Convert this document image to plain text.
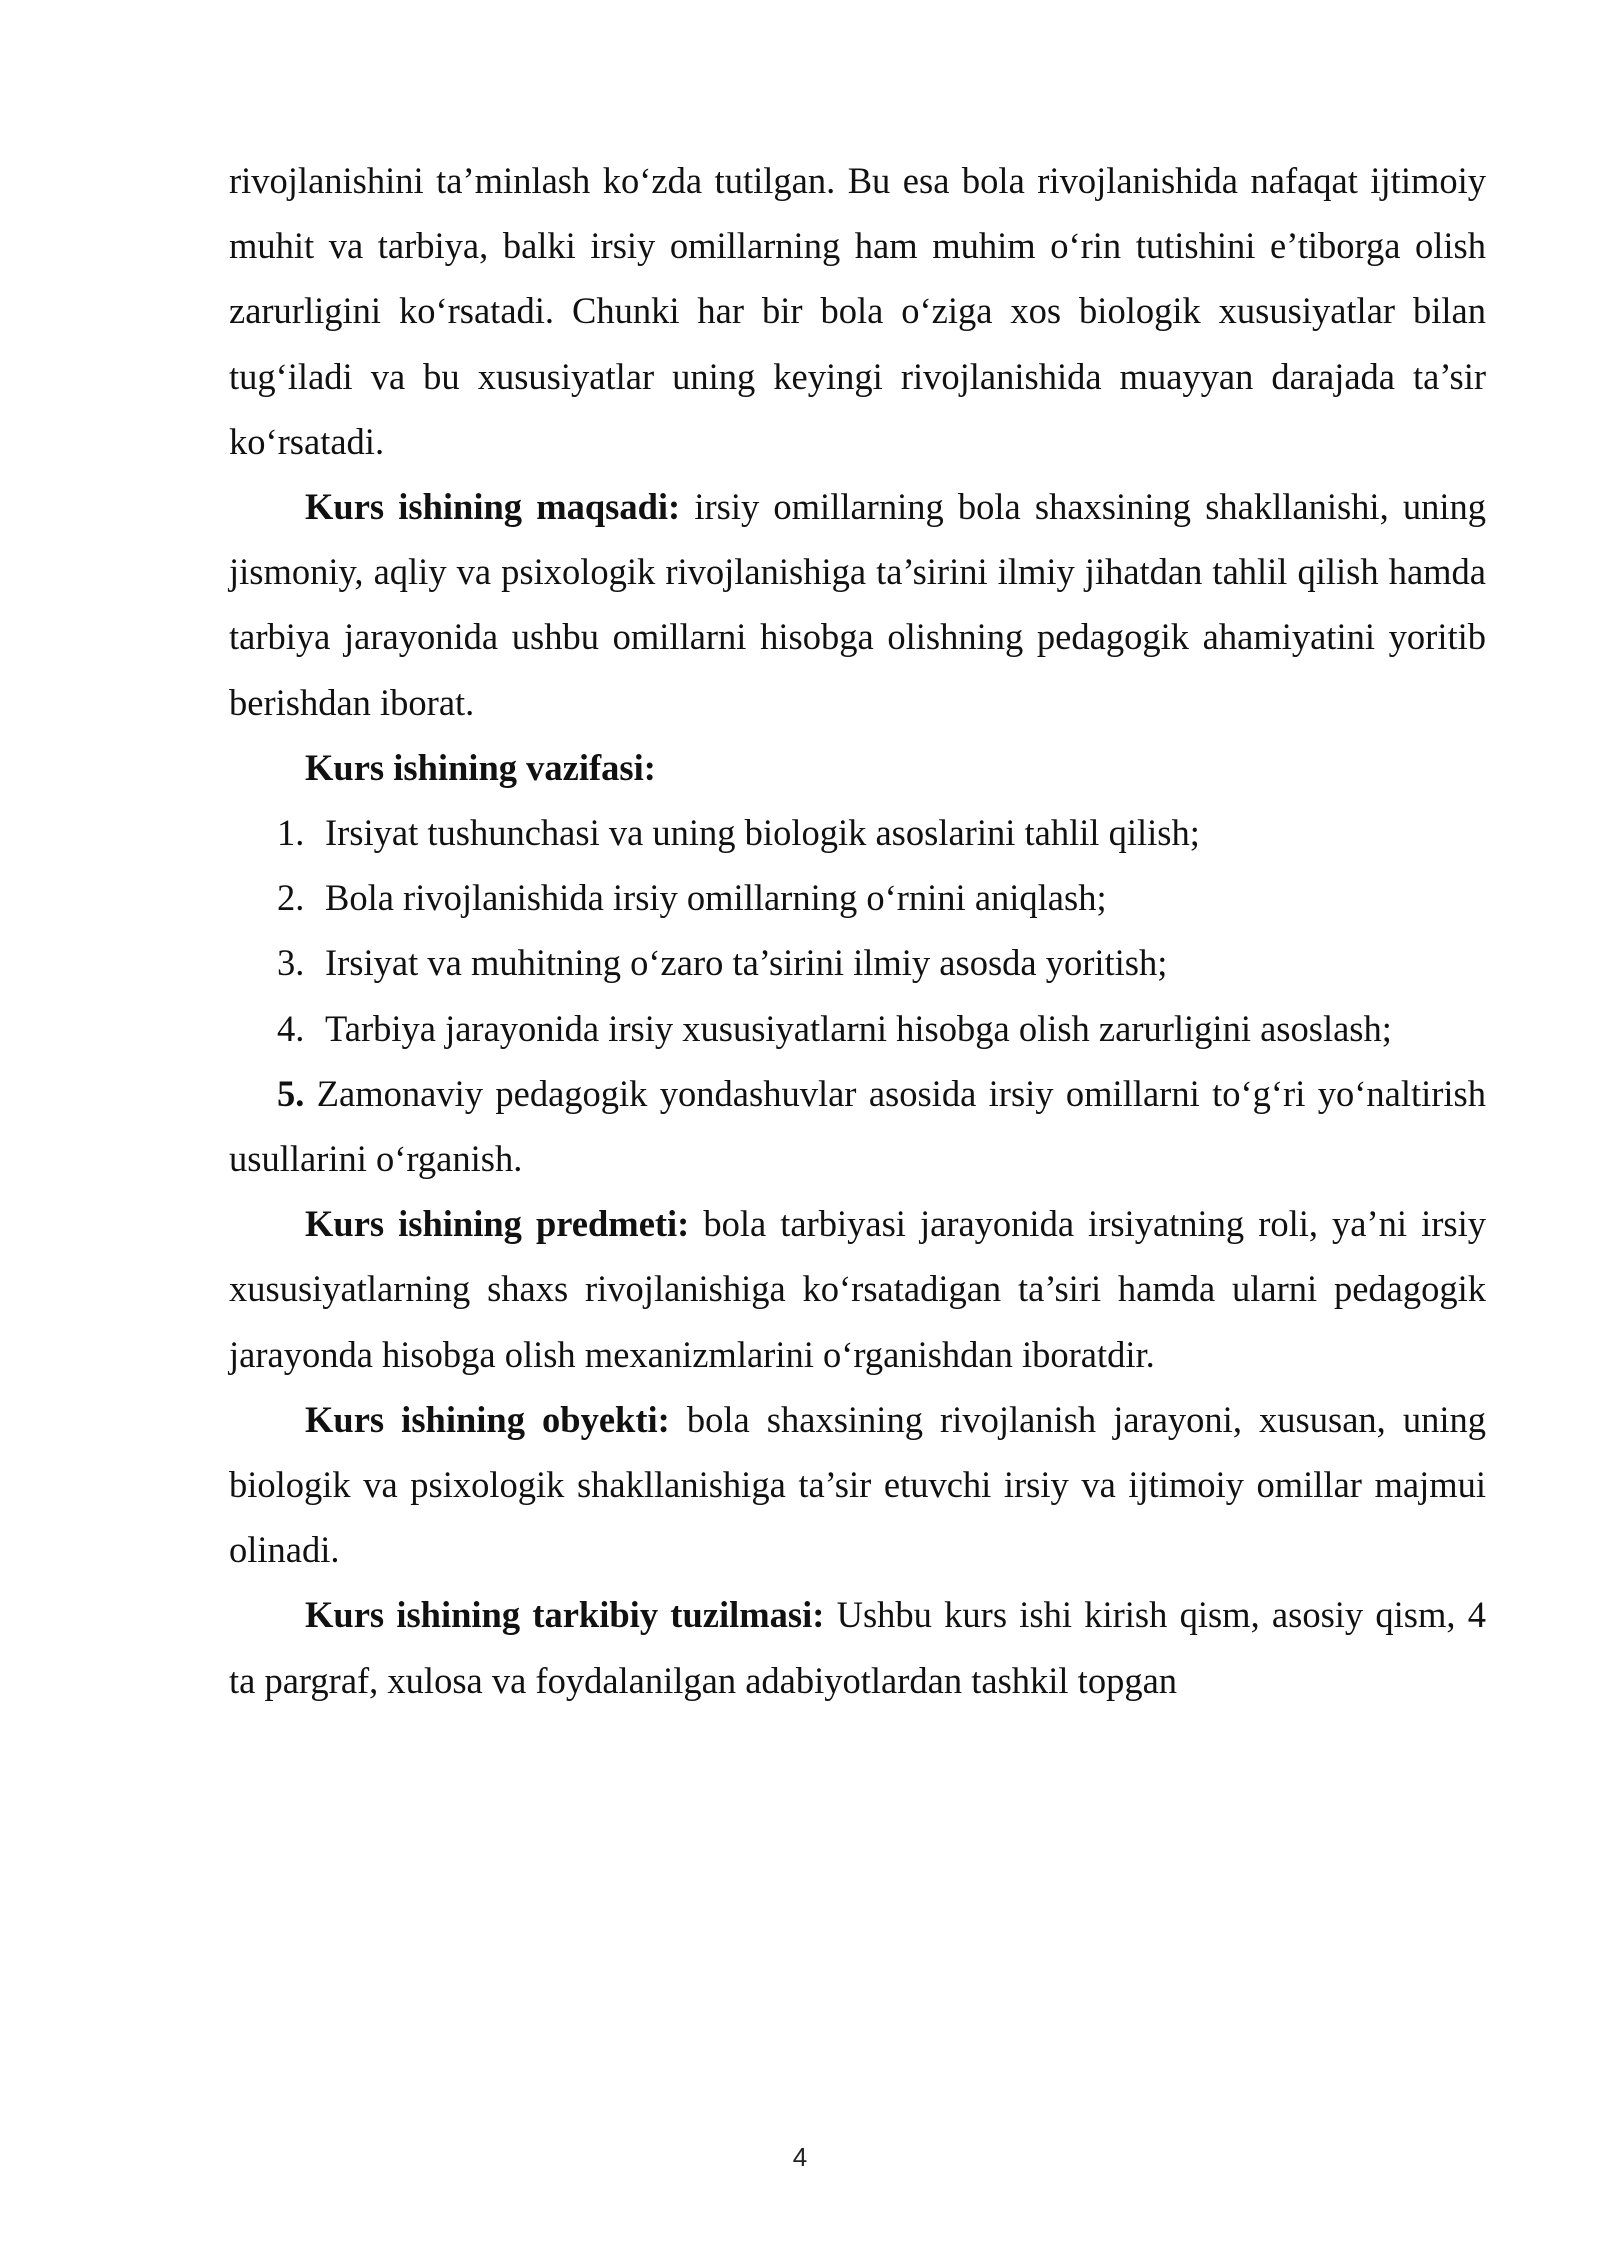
rivojlanishini ta’minlash ko‘zda tutilgan. Bu esa bola rivojlanishida nafaqat ijtimoiy muhit va tarbiya, balki irsiy omillarning ham muhim o‘rin tutishini e’tiborga olish zarurligini ko‘rsatadi. Chunki har bir bola o‘ziga xos biologik xususiyatlar bilan tug‘iladi va bu xususiyatlar uning keyingi rivojlanishida muayyan darajada ta’sir ko‘rsatadi.

Kurs ishining maqsadi: irsiy omillarning bola shaxsining shakllanishi, uning jismoniy, aqliy va psixologik rivojlanishiga ta’sirini ilmiy jihatdan tahlil qilish hamda tarbiya jarayonida ushbu omillarni hisobga olishning pedagogik ahamiyatini yoritib berishdan iborat.

Kurs ishining vazifasi:

1. Irsiyat tushunchasi va uning biologik asoslarini tahlil qilish;
2. Bola rivojlanishida irsiy omillarning o‘rnini aniqlash;
3. Irsiyat va muhitning o‘zaro ta’sirini ilmiy asosda yoritish;
4. Tarbiya jarayonida irsiy xususiyatlarni hisobga olish zarurligini asoslash;

5. Zamonaviy pedagogik yondashuvlar asosida irsiy omillarni to‘g‘ri yo‘naltirish usullarini o‘rganish.

Kurs ishining predmeti: bola tarbiyasi jarayonida irsiyatning roli, ya’ni irsiy xususiyatlarning shaxs rivojlanishiga ko‘rsatadigan ta’siri hamda ularni pedagogik jarayonda hisobga olish mexanizmlarini o‘rganishdan iboratdir.

Kurs ishining obyekti: bola shaxsining rivojlanish jarayoni, xususan, uning biologik va psixologik shakllanishiga ta’sir etuvchi irsiy va ijtimoiy omillar majmui olinadi.

Kurs ishining tarkibiy tuzilmasi: Ushbu kurs ishi kirish qism, asosiy qism, 4 ta pargraf, xulosa va foydalanilgan adabiyotlardan tashkil topgan

4
